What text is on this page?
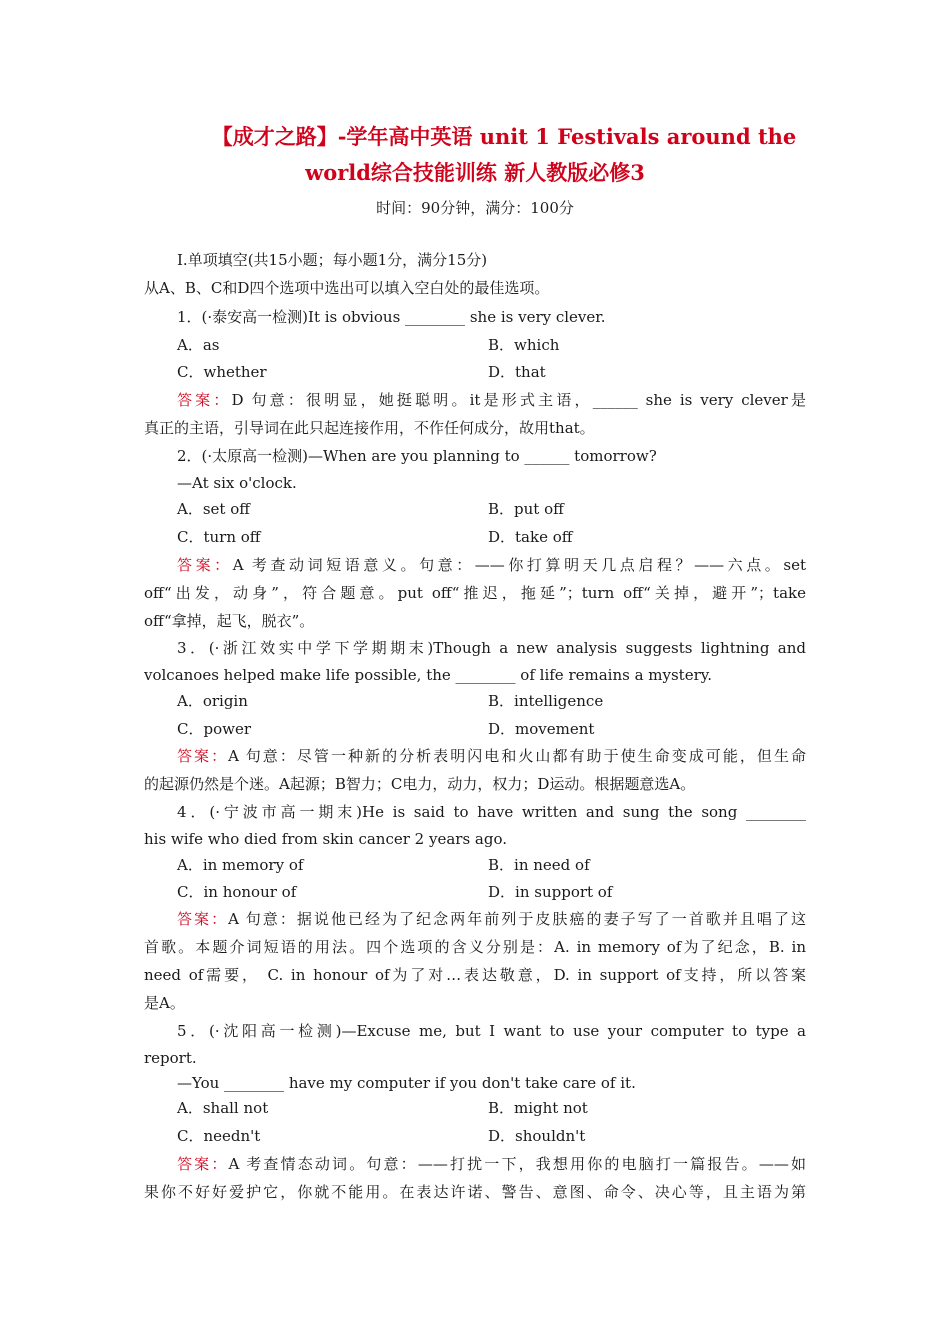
【成才之路】-学年高中英语 unit 1 Festivals around the
world综合技能训练 新人教版必修3
时间：90分钟，满分：100分
Ⅰ.单项填空(共15小题；每小题1分，满分15分)
从A、B、C和D四个选项中选出可以填入空白处的最佳选项。
1．(·泰安高一检测)It is obvious ________ she is very clever.
A．as	B．which
C．whether	D．that
答案：D 句意：很明显，她挺聪明。it是形式主语，______ she is very clever是
真正的主语，引导词在此只起连接作用，不作任何成分，故用that。
2．(·太原高一检测)—When are you planning to ______ tomorrow?
—At six o'clock.
A．set off	B．put off
C．turn off	D．take off
答案：A 考查动词短语意义。句意：——你打算明天几点启程？——六点。set
off“出发，动身”，符合题意。put off“推迟，拖延”；turn off“关掉，避开”；take
off“拿掉，起飞，脱衣”。
3．(·浙江效实中学下学期期末)Though a new analysis suggests lightning and
volcanoes helped make life possible, the ________ of life remains a mystery.
A．origin	B．intelligence
C．power	D．movement
答案：A 句意：尽管一种新的分析表明闪电和火山都有助于使生命变成可能，但生命
的起源仍然是个迷。A起源；B智力；C电力，动力，权力；D运动。根据题意选A。
4．(·宁波市高一期末)He is said to have written and sung the song ________
his wife who died from skin cancer 2 years ago.
A．in memory of	B．in need of
C．in honour of	D．in support of
答案：A 句意：据说他已经为了纪念两年前列于皮肤癌的妻子写了一首歌并且唱了这
首歌。本题介词短语的用法。四个选项的含义分别是：A. in memory of为了纪念，B. in
need of需要， C. in honour of为了对…表达敬意，D. in support of支持，所以答案
是A。
5．(·沈阳高一检测)—Excuse me, but I want to use your computer to type a
report.
—You ________ have my computer if you don't take care of it.
A．shall not	B．might not
C．needn't	D．shouldn't
答案：A 考查情态动词。句意：——打扰一下，我想用你的电脑打一篇报告。——如
果你不好好爱护它，你就不能用。在表达许诺、警告、意图、命令、决心等，且主语为第
